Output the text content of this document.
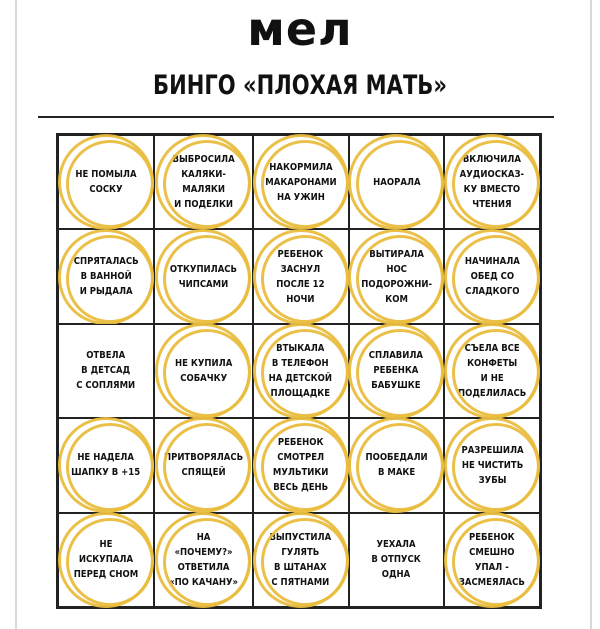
мел
БИНГО «ПЛОХАЯ МАТЬ»
НЕ ПОМЫЛА
СОСКУ
ВЫБРОСИЛА
КАЛЯКИ-
МАЛЯКИ
И ПОДЕЛКИ
НАКОРМИЛА
МАКАРОНАМИ
НА УЖИН
НАОРАЛА
ВКЛЮЧИЛА
АУДИОСКАЗ-
КУ ВМЕСТО
ЧТЕНИЯ
СПРЯТАЛАСЬ
В ВАННОЙ
И РЫДАЛА
ОТКУПИЛАСЬ
ЧИПСАМИ
РЕБЕНОК
ЗАСНУЛ
ПОСЛЕ 12
НОЧИ
ВЫТИРАЛА
НОС
ПОДОРОЖНИ-
КОМ
НАЧИНАЛА
ОБЕД СО
СЛАДКОГО
ОТВЕЛА
В ДЕТСАД
С СОПЛЯМИ
НЕ КУПИЛА
СОБАЧКУ
ВТЫКАЛА
В ТЕЛЕФОН
НА ДЕТСКОЙ
ПЛОЩАДКЕ
СПЛАВИЛА
РЕБЕНКА
БАБУШКЕ
СЪЕЛА ВСЕ
КОНФЕТЫ
И НЕ
ПОДЕЛИЛАСЬ
НЕ НАДЕЛА
ШАПКУ В +15
ПРИТВОРЯЛАСЬ
СПЯЩЕЙ
РЕБЕНОК
СМОТРЕЛ
МУЛЬТИКИ
ВЕСЬ ДЕНЬ
ПООБЕДАЛИ
В МАКЕ
РАЗРЕШИЛА
НЕ ЧИСТИТЬ
ЗУБЫ
НЕ
ИСКУПАЛА
ПЕРЕД СНОМ
НА
«ПОЧЕМУ?»
ОТВЕТИЛА
«ПО КАЧАНУ»
ВЫПУСТИЛА
ГУЛЯТЬ
В ШТАНАХ
С ПЯТНАМИ
УЕХАЛА
В ОТПУСК
ОДНА
РЕБЕНОК
СМЕШНО
УПАЛ -
ЗАСМЕЯЛАСЬ
